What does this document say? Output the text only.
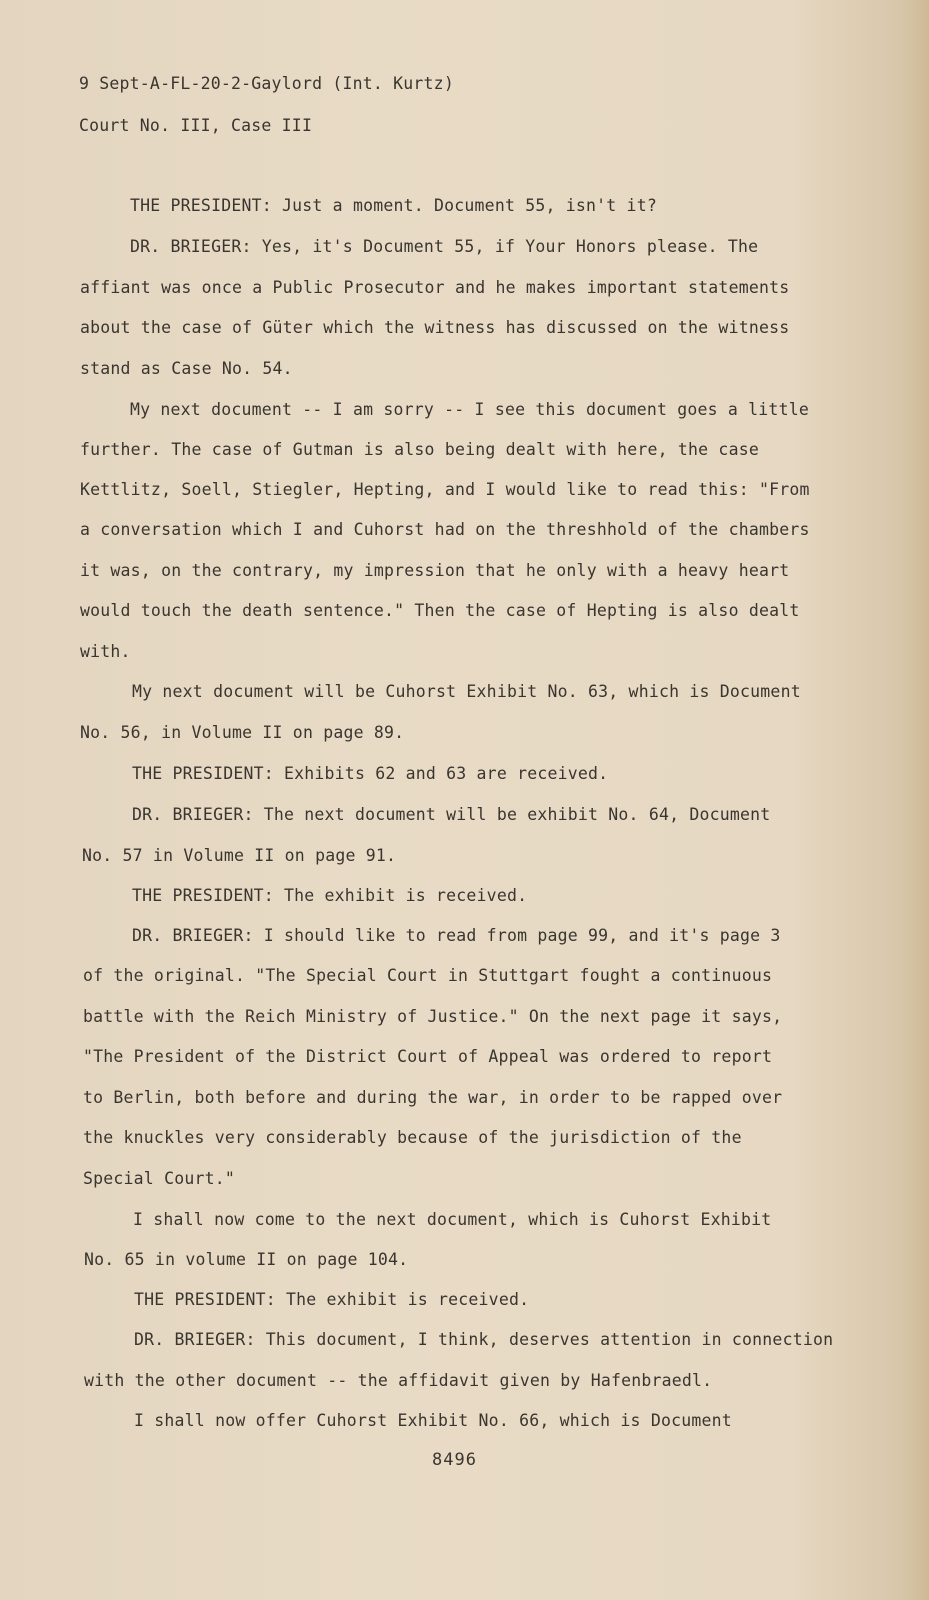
9 Sept-A-FL-20-2-Gaylord (Int. Kurtz)
Court No. III, Case III
THE PRESIDENT: Just a moment. Document 55, isn't it?
DR. BRIEGER: Yes, it's Document 55, if Your Honors please. The
affiant was once a Public Prosecutor and he makes important statements
about the case of Güter which the witness has discussed on the witness
stand as Case No. 54.
My next document -- I am sorry -- I see this document goes a little
further. The case of Gutman is also being dealt with here, the case
Kettlitz, Soell, Stiegler, Hepting, and I would like to read this: "From
a conversation which I and Cuhorst had on the threshhold of the chambers
it was, on the contrary, my impression that he only with a heavy heart
would touch the death sentence." Then the case of Hepting is also dealt
with.
My next document will be Cuhorst Exhibit No. 63, which is Document
No. 56, in Volume II on page 89.
THE PRESIDENT: Exhibits 62 and 63 are received.
DR. BRIEGER: The next document will be exhibit No. 64, Document
No. 57 in Volume II on page 91.
THE PRESIDENT: The exhibit is received.
DR. BRIEGER: I should like to read from page 99, and it's page 3
of the original. "The Special Court in Stuttgart fought a continuous
battle with the Reich Ministry of Justice." On the next page it says,
"The President of the District Court of Appeal was ordered to report
to Berlin, both before and during the war, in order to be rapped over
the knuckles very considerably because of the jurisdiction of the
Special Court."
I shall now come to the next document, which is Cuhorst Exhibit
No. 65 in volume II on page 104.
THE PRESIDENT: The exhibit is received.
DR. BRIEGER: This document, I think, deserves attention in connection
with the other document -- the affidavit given by Hafenbraedl.
I shall now offer Cuhorst Exhibit No. 66, which is Document
8496
